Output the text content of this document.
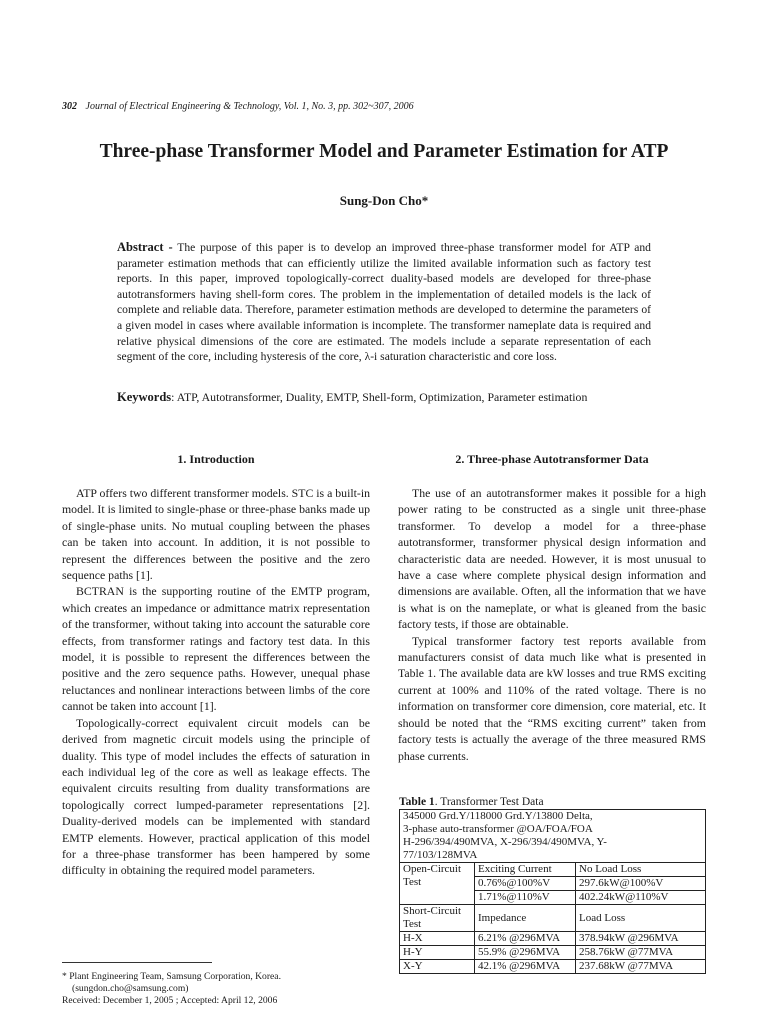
302 Journal of Electrical Engineering & Technology, Vol. 1, No. 3, pp. 302~307, 2006
Three-phase Transformer Model and Parameter Estimation for ATP
Sung-Don Cho*
Abstract - The purpose of this paper is to develop an improved three-phase transformer model for ATP and parameter estimation methods that can efficiently utilize the limited available information such as factory test reports. In this paper, improved topologically-correct duality-based models are developed for three-phase autotransformers having shell-form cores. The problem in the implementation of detailed models is the lack of complete and reliable data. Therefore, parameter estimation methods are developed to determine the parameters of a given model in cases where available information is incomplete. The transformer nameplate data is required and relative physical dimensions of the core are estimated. The models include a separate representation of each segment of the core, including hysteresis of the core, λ-i saturation characteristic and core loss.
Keywords: ATP, Autotransformer, Duality, EMTP, Shell-form, Optimization, Parameter estimation
1. Introduction

ATP offers two different transformer models. STC is a built-in model. It is limited to single-phase or three-phase banks made up of single-phase units. No mutual coupling between the phases can be taken into account. In addition, it is not possible to represent the differences between the positive and the zero sequence paths [1].

BCTRAN is the supporting routine of the EMTP program, which creates an impedance or admittance matrix representation of the transformer, without taking into account the saturable core effects, from transformer ratings and factory test data. In this model, it is possible to represent the differences between the positive and the zero sequence paths. However, unequal phase reluctances and nonlinear interactions between limbs of the core cannot be taken into account [1].

Topologically-correct equivalent circuit models can be derived from magnetic circuit models using the principle of duality. This type of model includes the effects of saturation in each individual leg of the core as well as leakage effects. The equivalent circuits resulting from duality transformations are topologically correct lumped-parameter representations [2]. Duality-derived models can be implemented with standard EMTP elements. However, practical application of this model for a three-phase transformer has been hampered by some difficulty in obtaining the required model parameters.

2. Three-phase Autotransformer Data

The use of an autotransformer makes it possible for a high power rating to be constructed as a single unit three-phase transformer. To develop a model for a three-phase autotransformer, transformer physical design information and characteristic data are needed. However, it is most unusual to have a case where complete physical design information and dimensions are available. Often, all the information that we have is what is on the nameplate, or what is gleaned from the basic factory tests, if those are obtainable.

Typical transformer factory test reports available from manufacturers consist of data much like what is presented in Table 1. The available data are kW losses and true RMS exciting current at 100% and 110% of the rated voltage. There is no information on transformer core dimension, core material, etc. It should be noted that the “RMS exciting current” taken from factory tests is actually the average of the three measured RMS phase currents.

Table 1. Transformer Test Data
345000 Grd.Y/118000 Grd.Y/13800 Delta,
3-phase auto-transformer @OA/FOA/FOA
H-296/394/490MVA, X-296/394/490MVA, Y-
77/103/128MVA		

Open-Circuit Test	Exciting Current	No Load Loss
	0.76%@100%V	297.6kW@100%V
	1.71%@110%V	402.24kW@110%V
Short-Circuit Test	Impedance	Load Loss
H-X	6.21% @296MVA	378.94kW @296MVA
H-Y	55.9% @296MVA	258.76kW @77MVA
X-Y	42.1% @296MVA	237.68kW @77MVA
* Plant Engineering Team, Samsung Corporation, Korea.
(sungdon.cho@samsung.com)
Received: December 1, 2005 ; Accepted: April 12, 2006
